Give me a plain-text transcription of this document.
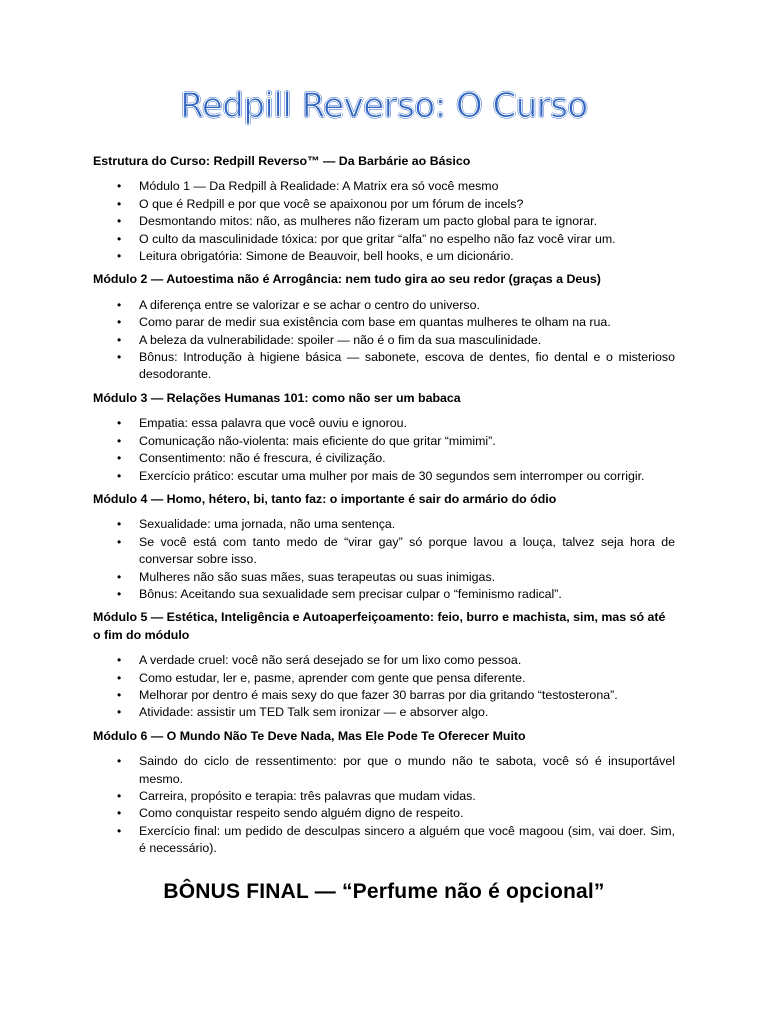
Redpill Reverso: O Curso

Estrutura do Curso: Redpill Reverso™ — Da Barbárie ao Básico

• Módulo 1 — Da Redpill à Realidade: A Matrix era só você mesmo
• O que é Redpill e por que você se apaixonou por um fórum de incels?
• Desmontando mitos: não, as mulheres não fizeram um pacto global para te ignorar.
• O culto da masculinidade tóxica: por que gritar “alfa” no espelho não faz você virar um.
• Leitura obrigatória: Simone de Beauvoir, bell hooks, e um dicionário.

Módulo 2 — Autoestima não é Arrogância: nem tudo gira ao seu redor (graças a Deus)

• A diferença entre se valorizar e se achar o centro do universo.
• Como parar de medir sua existência com base em quantas mulheres te olham na rua.
• A beleza da vulnerabilidade: spoiler — não é o fim da sua masculinidade.
• Bônus: Introdução à higiene básica — sabonete, escova de dentes, fio dental e o misterioso desodorante.

Módulo 3 — Relações Humanas 101: como não ser um babaca

• Empatia: essa palavra que você ouviu e ignorou.
• Comunicação não-violenta: mais eficiente do que gritar “mimimi”.
• Consentimento: não é frescura, é civilização.
• Exercício prático: escutar uma mulher por mais de 30 segundos sem interromper ou corrigir.

Módulo 4 — Homo, hétero, bi, tanto faz: o importante é sair do armário do ódio

• Sexualidade: uma jornada, não uma sentença.
• Se você está com tanto medo de “virar gay” só porque lavou a louça, talvez seja hora de conversar sobre isso.
• Mulheres não são suas mães, suas terapeutas ou suas inimigas.
• Bônus: Aceitando sua sexualidade sem precisar culpar o “feminismo radical”.

Módulo 5 — Estética, Inteligência e Autoaperfeiçoamento: feio, burro e machista, sim, mas só até o fim do módulo

• A verdade cruel: você não será desejado se for um lixo como pessoa.
• Como estudar, ler e, pasme, aprender com gente que pensa diferente.
• Melhorar por dentro é mais sexy do que fazer 30 barras por dia gritando “testosterona”.
• Atividade: assistir um TED Talk sem ironizar — e absorver algo.

Módulo 6 — O Mundo Não Te Deve Nada, Mas Ele Pode Te Oferecer Muito

• Saindo do ciclo de ressentimento: por que o mundo não te sabota, você só é insuportável mesmo.
• Carreira, propósito e terapia: três palavras que mudam vidas.
• Como conquistar respeito sendo alguém digno de respeito.
• Exercício final: um pedido de desculpas sincero a alguém que você magoou (sim, vai doer. Sim, é necessário).
BÔNUS FINAL — “Perfume não é opcional”
